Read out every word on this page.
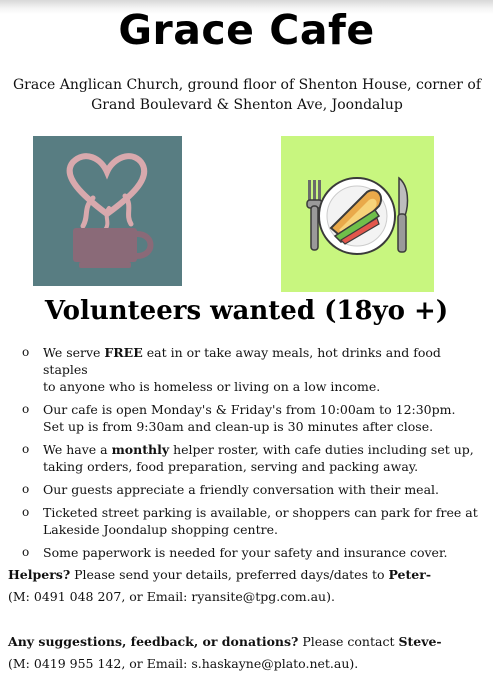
Grace Cafe

Grace Anglican Church, ground floor of Shenton House, corner of Grand Boulevard & Shenton Ave, Joondalup

Volunteers wanted (18yo +)
o We serve FREE eat in or take away meals, hot drinks and food staples
to anyone who is homeless or living on a low income.
o Our cafe is open Monday's & Friday's from 10:00am to 12:30pm.
Set up is from 9:30am and clean-up is 30 minutes after close.
o We have a monthly helper roster, with cafe duties including set up,
taking orders, food preparation, serving and packing away.
o Our guests appreciate a friendly conversation with their meal.
o Ticketed street parking is available, or shoppers can park for free at
Lakeside Joondalup shopping centre.
o Some paperwork is needed for your safety and insurance cover.

Helpers? Please send your details, preferred days/dates to Peter-

(M: 0491 048 207, or Email: ryansite@tpg.com.au).

Any suggestions, feedback, or donations? Please contact Steve-

(M: 0419 955 142, or Email: s.haskayne@plato.net.au).
